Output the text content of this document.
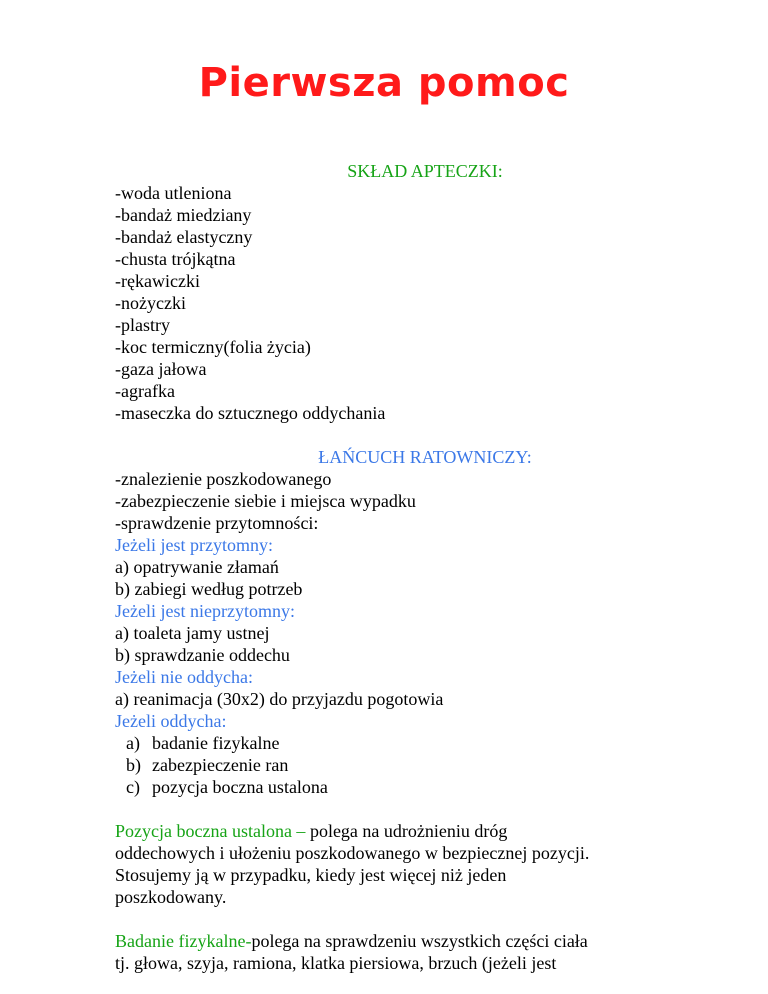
Pierwsza pomoc
SKŁAD APTECZKI:
-woda utleniona
-bandaż miedziany
-bandaż elastyczny
-chusta trójkątna
-rękawiczki
-nożyczki
-plastry
-koc termiczny(folia życia)
-gaza jałowa
-agrafka
-maseczka do sztucznego oddychania
ŁAŃCUCH RATOWNICZY:
-znalezienie poszkodowanego
-zabezpieczenie siebie i miejsca wypadku
-sprawdzenie przytomności:
Jeżeli jest przytomny:
a) opatrywanie złamań
b) zabiegi według potrzeb
Jeżeli jest nieprzytomny:
a) toaleta jamy ustnej
b) sprawdzanie oddechu
Jeżeli nie oddycha:
a) reanimacja (30x2) do przyjazdu pogotowia
Jeżeli oddycha:
a) badanie fizykalne
b) zabezpieczenie ran
c) pozycja boczna ustalona
Pozycja boczna ustalona – polega na udrożnieniu dróg
oddechowych i ułożeniu poszkodowanego w bezpiecznej pozycji.
Stosujemy ją w przypadku, kiedy jest więcej niż jeden
poszkodowany.
Badanie fizykalne-polega na sprawdzeniu wszystkich części ciała
tj. głowa, szyja, ramiona, klatka piersiowa, brzuch (jeżeli jest
